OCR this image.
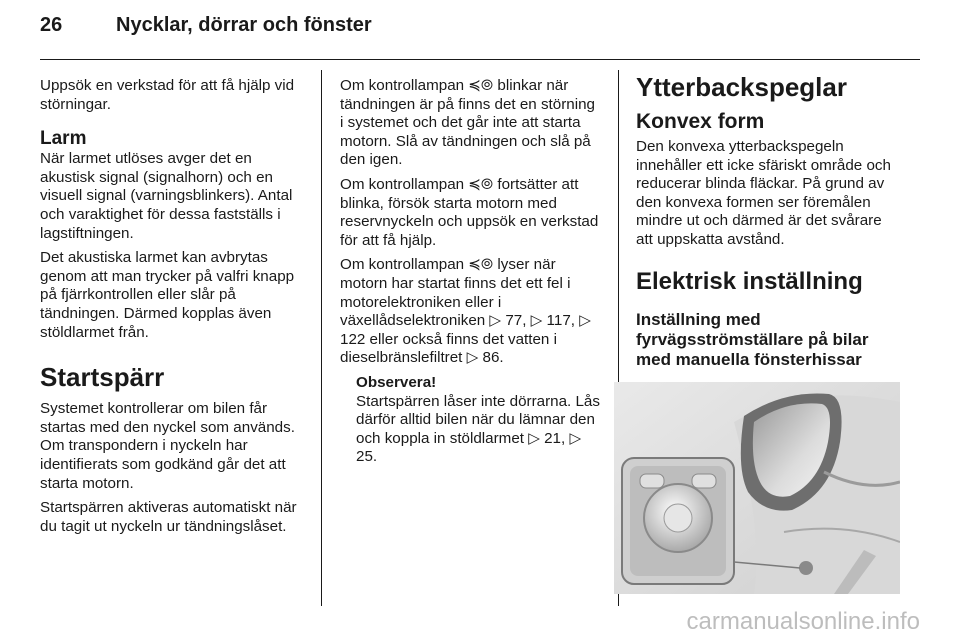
26	Nycklar, dörrar och fönster

Uppsök en verkstad för att få hjälp vid störningar.

Larm

När larmet utlöses avger det en akustisk signal (signalhorn) och en visuell signal (varningsblinkers). Antal och varaktighet för dessa fastställs i lagstiftningen.

Det akustiska larmet kan avbrytas genom att man trycker på valfri knapp på fjärrkontrollen eller slår på tändningen. Därmed kopplas även stöldlarmet från.

Startspärr

Systemet kontrollerar om bilen får startas med den nyckel som används. Om transpondern i nyckeln har identifierats som godkänd går det att starta motorn.

Startspärren aktiveras automatiskt när du tagit ut nyckeln ur tändningslåset.

Om kontrollampan ≼⦾ blinkar när tändningen är på finns det en störning i systemet och det går inte att starta motorn. Slå av tändningen och slå på den igen.

Om kontrollampan ≼⦾ fortsätter att blinka, försök starta motorn med reservnyckeln och uppsök en verkstad för att få hjälp.

Om kontrollampan ≼⦾ lyser när motorn har startat finns det ett fel i motorelektroniken eller i växellådselektroniken ▷ 77, ▷ 117, ▷ 122 eller också finns det vatten i dieselbränslefiltret ▷ 86.

Observera!

Startspärren låser inte dörrarna. Lås därför alltid bilen när du lämnar den och koppla in stöldlarmet ▷ 21, ▷ 25.

Ytterbackspeglar
Konvex form

Den konvexa ytterbackspegeln innehåller ett icke sfäriskt område och reducerar blinda fläckar. På grund av den konvexa formen ser föremålen mindre ut och därmed är det svårare att uppskatta avstånd.

Elektrisk inställning
Inställning med fyrvägsströmställare på bilar med manuella fönsterhissar
carmanualsonline.info
